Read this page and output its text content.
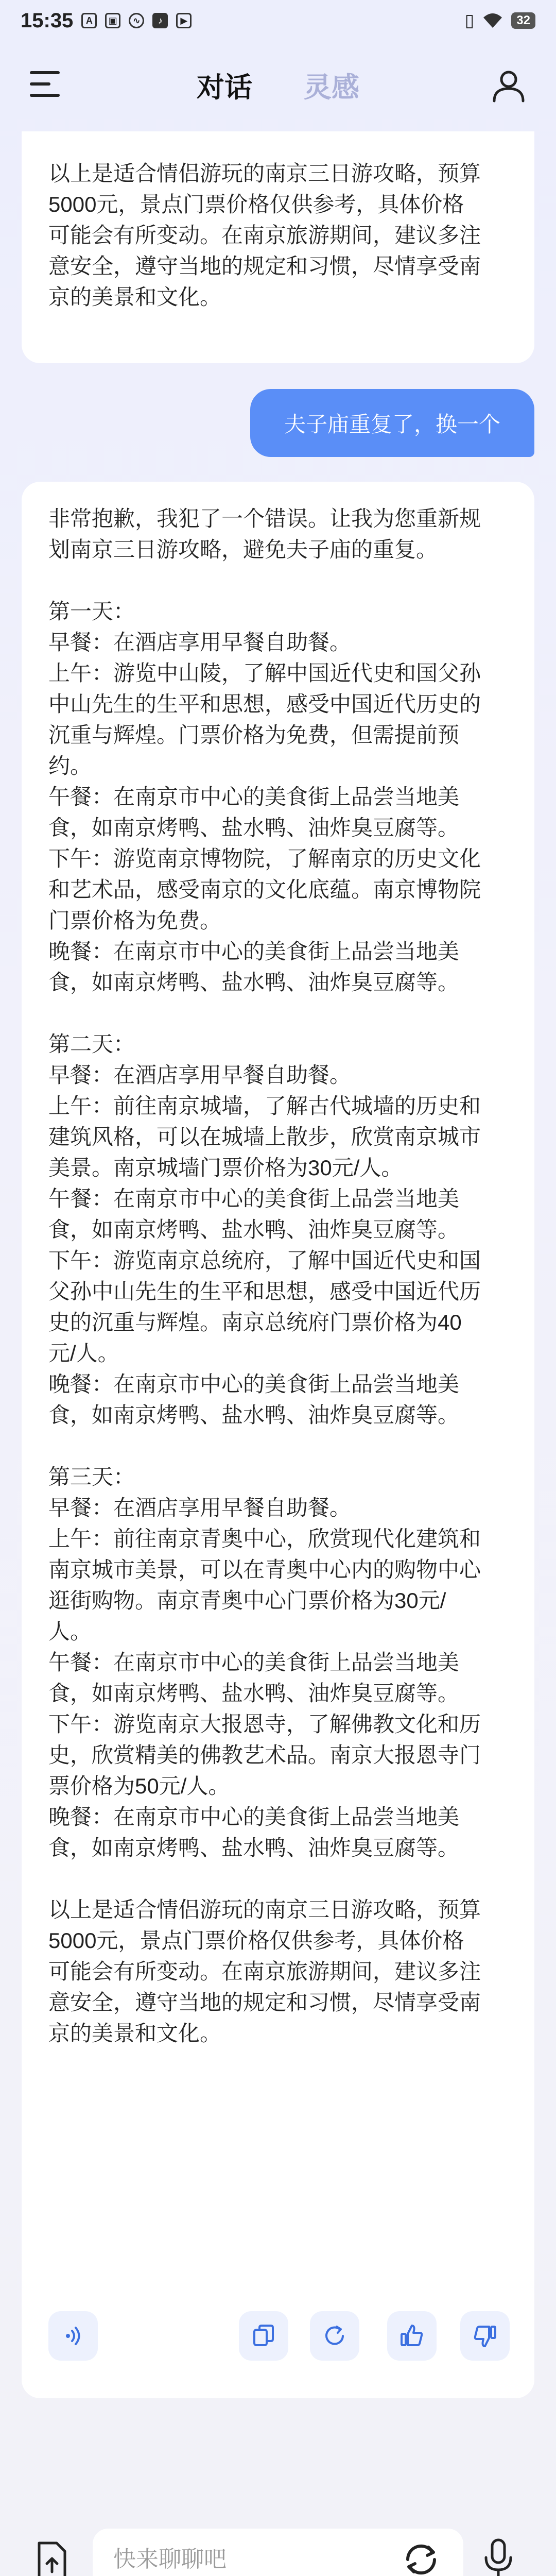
15:35	A	▣	∿	♪	▶	▯	32
对话 灵感
以上是适合情侣游玩的南京三日游攻略，预算
5000元，景点门票价格仅供参考，具体价格
可能会有所变动。在南京旅游期间，建议多注
意安全，遵守当地的规定和习惯，尽情享受南
京的美景和文化。
夫子庙重复了，换一个
非常抱歉，我犯了一个错误。让我为您重新规
划南京三日游攻略，避免夫子庙的重复。
第一天：
早餐：在酒店享用早餐自助餐。
上午：游览中山陵，了解中国近代史和国父孙
中山先生的生平和思想，感受中国近代历史的
沉重与辉煌。门票价格为免费，但需提前预
约。
午餐：在南京市中心的美食街上品尝当地美
食，如南京烤鸭、盐水鸭、油炸臭豆腐等。
下午：游览南京博物院，了解南京的历史文化
和艺术品，感受南京的文化底蕴。南京博物院
门票价格为免费。
晚餐：在南京市中心的美食街上品尝当地美
食，如南京烤鸭、盐水鸭、油炸臭豆腐等。
第二天：
早餐：在酒店享用早餐自助餐。
上午：前往南京城墙，了解古代城墙的历史和
建筑风格，可以在城墙上散步，欣赏南京城市
美景。南京城墙门票价格为30元/人。
午餐：在南京市中心的美食街上品尝当地美
食，如南京烤鸭、盐水鸭、油炸臭豆腐等。
下午：游览南京总统府，了解中国近代史和国
父孙中山先生的生平和思想，感受中国近代历
史的沉重与辉煌。南京总统府门票价格为40
元/人。
晚餐：在南京市中心的美食街上品尝当地美
食，如南京烤鸭、盐水鸭、油炸臭豆腐等。
第三天：
早餐：在酒店享用早餐自助餐。
上午：前往南京青奥中心，欣赏现代化建筑和
南京城市美景，可以在青奥中心内的购物中心
逛街购物。南京青奥中心门票价格为30元/
人。
午餐：在南京市中心的美食街上品尝当地美
食，如南京烤鸭、盐水鸭、油炸臭豆腐等。
下午：游览南京大报恩寺，了解佛教文化和历
史，欣赏精美的佛教艺术品。南京大报恩寺门
票价格为50元/人。
晚餐：在南京市中心的美食街上品尝当地美
食，如南京烤鸭、盐水鸭、油炸臭豆腐等。
以上是适合情侣游玩的南京三日游攻略，预算
5000元，景点门票价格仅供参考，具体价格
可能会有所变动。在南京旅游期间，建议多注
意安全，遵守当地的规定和习惯，尽情享受南
京的美景和文化。
快来聊聊吧
